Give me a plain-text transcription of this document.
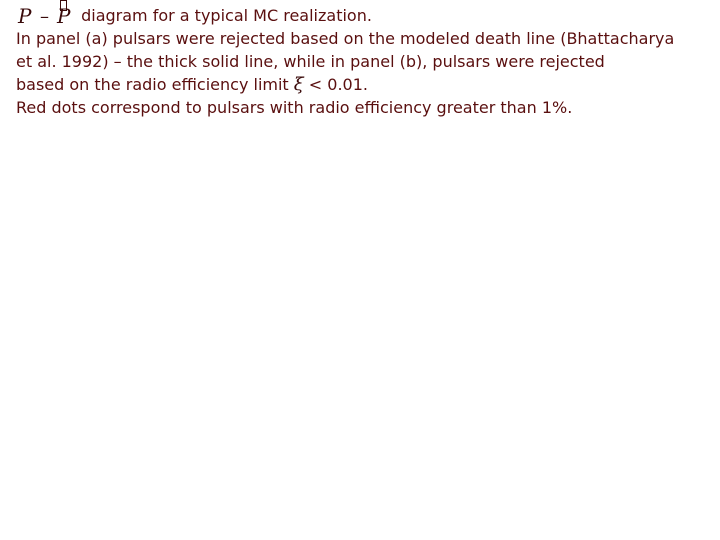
P – P diagram for a typical MC realization.
In panel (a) pulsars were rejected based on the modeled death line (Bhattacharya
et al. 1992) – the thick solid line, while in panel (b), pulsars were rejected
based on the radio efficiency limit ξ < 0.01.
Red dots correspond to pulsars with radio efficiency greater than 1%.
